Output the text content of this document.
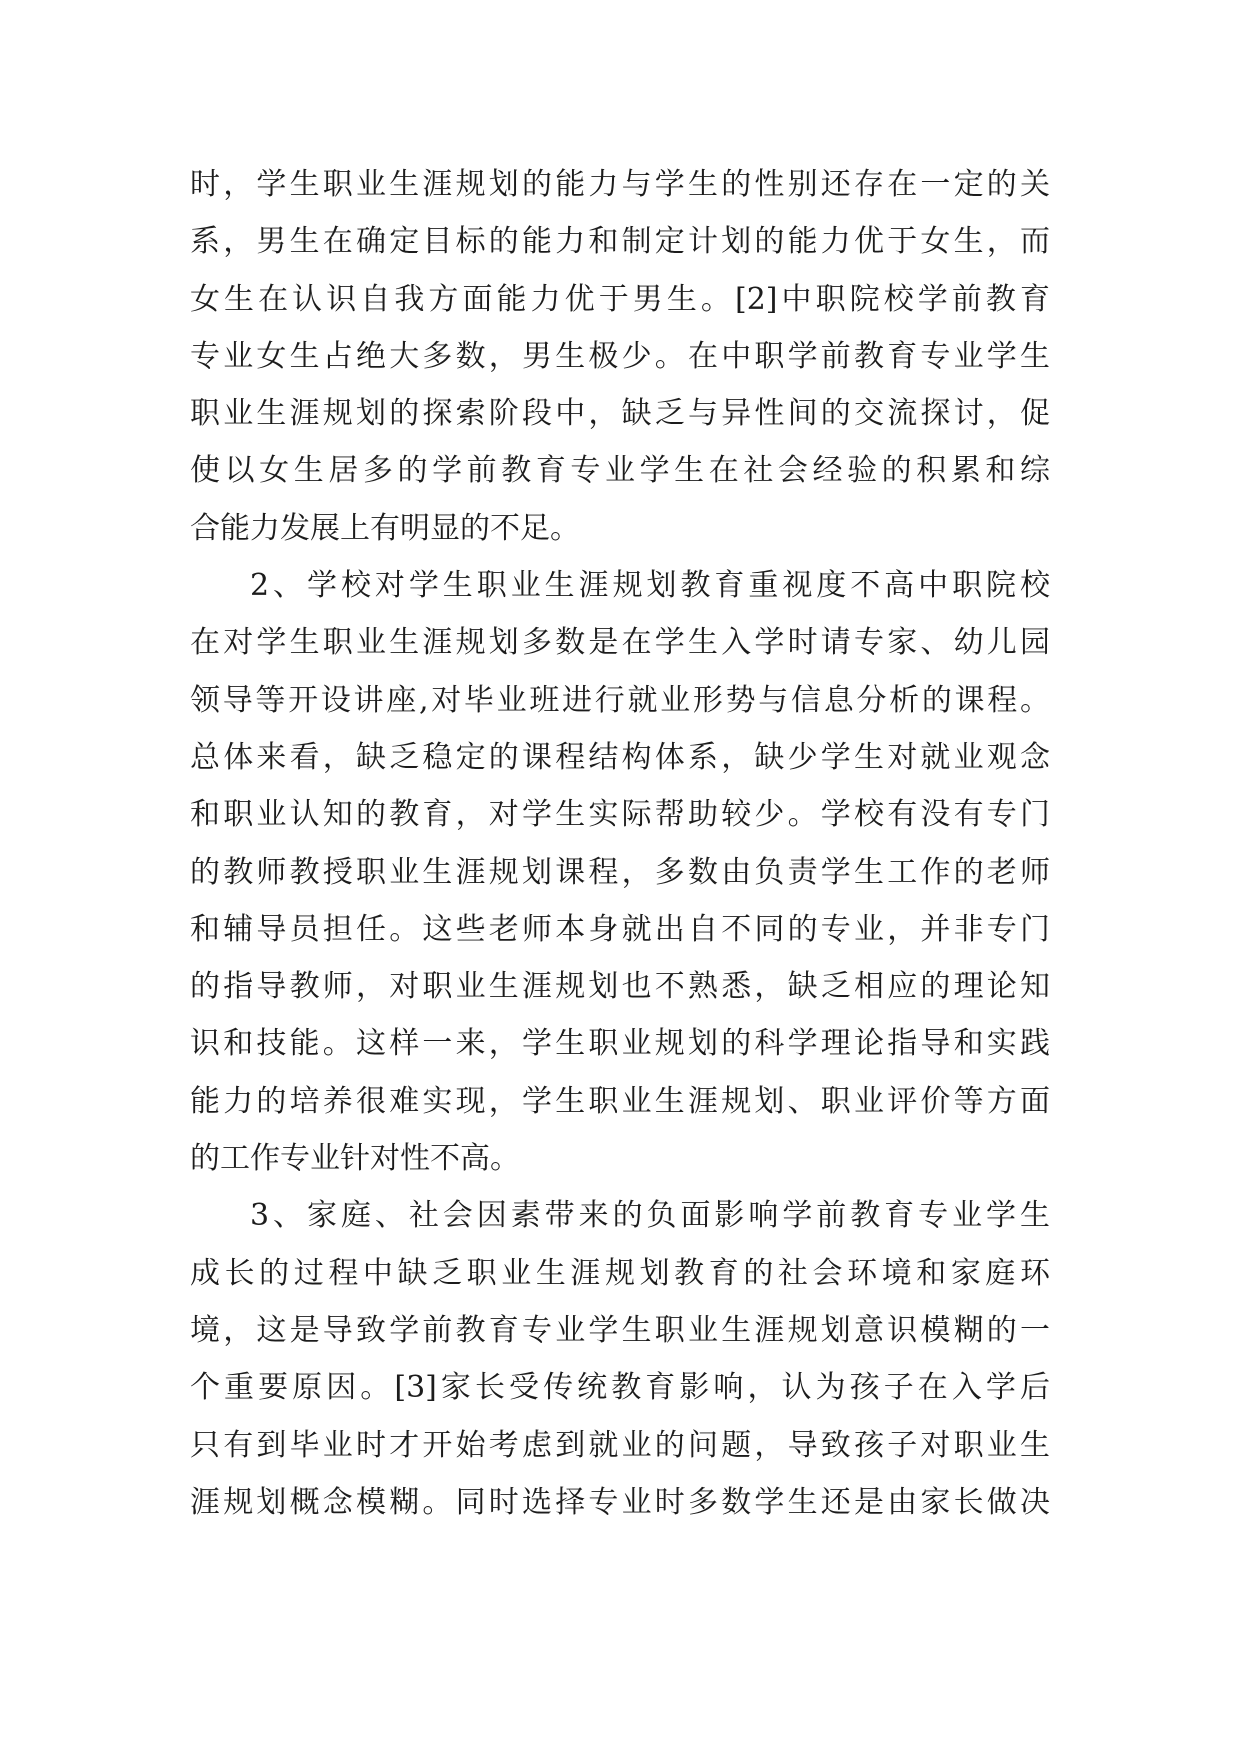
时，学生职业生涯规划的能力与学生的性别还存在一定的关
系，男生在确定目标的能力和制定计划的能力优于女生，而
女生在认识自我方面能力优于男生。[2]中职院校学前教育
专业女生占绝大多数，男生极少。在中职学前教育专业学生
职业生涯规划的探索阶段中，缺乏与异性间的交流探讨，促
使以女生居多的学前教育专业学生在社会经验的积累和综
合能力发展上有明显的不足。
2、学校对学生职业生涯规划教育重视度不高中职院校
在对学生职业生涯规划多数是在学生入学时请专家、幼儿园
领导等开设讲座,对毕业班进行就业形势与信息分析的课程。
总体来看，缺乏稳定的课程结构体系，缺少学生对就业观念
和职业认知的教育，对学生实际帮助较少。学校有没有专门
的教师教授职业生涯规划课程，多数由负责学生工作的老师
和辅导员担任。这些老师本身就出自不同的专业，并非专门
的指导教师，对职业生涯规划也不熟悉，缺乏相应的理论知
识和技能。这样一来，学生职业规划的科学理论指导和实践
能力的培养很难实现，学生职业生涯规划、职业评价等方面
的工作专业针对性不高。
3、家庭、社会因素带来的负面影响学前教育专业学生
成长的过程中缺乏职业生涯规划教育的社会环境和家庭环
境，这是导致学前教育专业学生职业生涯规划意识模糊的一
个重要原因。[3]家长受传统教育影响，认为孩子在入学后
只有到毕业时才开始考虑到就业的问题，导致孩子对职业生
涯规划概念模糊。同时选择专业时多数学生还是由家长做决
